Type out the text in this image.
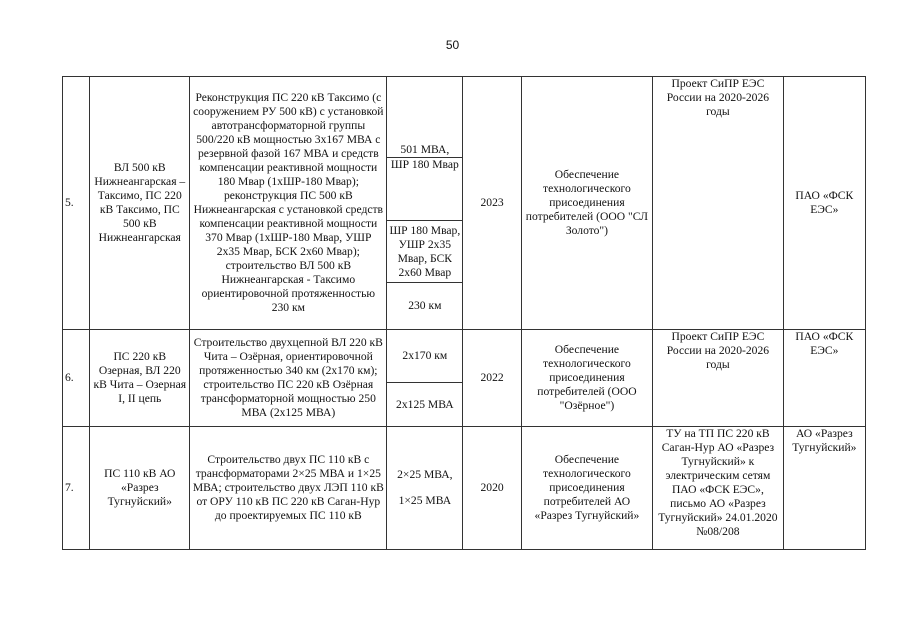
50
5.	ВЛ 500 кВ Нижнеангарская – Таксимо, ПС 220 кВ Таксимо, ПС 500 кВ Нижнеангарская	Реконструкция ПС 220 кВ Таксимо (с сооружением РУ 500 кВ) с установкой автотрансформаторной группы 500/220 кВ мощностью 3х167 МВА с резервной фазой 167 МВА и средств компенсации реактивной мощности 180 Мвар (1хШР-180 Мвар); реконструкция ПС 500 кВ Нижнеангарская с установкой средств компенсации реактивной мощности 370 Мвар (1хШР-180 Мвар, УШР 2х35 Мвар, БСК 2х60 Мвар); строительство ВЛ 500 кВ Нижнеангарская - Таксимо ориентировочной протяженностью 230 км	501 МВА,	2023	Обеспечение технологического присоединения потребителей (ООО "СЛ Золото")	Проект СиПР ЕЭС России на 2020-2026 годы	ПАО «ФСК ЕЭС»
			ШР 180 Мвар				
			ШР 180 Мвар, УШР 2х35 Мвар, БСК 2х60 Мвар				
			230 км				
6.	ПС 220 кВ Озерная, ВЛ 220 кВ Чита – Озерная I, II цепь	Строительство двухцепной ВЛ 220 кВ Чита – Озёрная, ориентировочной протяженностью 340 км (2х170 км); строительство ПС 220 кВ Озёрная трансформаторной мощностью 250 МВА (2х125 МВА)	2х170 км	2022	Обеспечение технологического присоединения потребителей (ООО "Озёрное")	Проект СиПР ЕЭС России на 2020-2026 годы	ПАО «ФСК ЕЭС»
			2х125 МВА				
7.	ПС 110 кВ АО «Разрез Тугнуйский»	Строительство двух ПС 110 кВ с трансформаторами 2×25 МВА и 1×25 МВА; строительство двух ЛЭП 110 кВ от ОРУ 110 кВ ПС 220 кВ Саган-Нур до проектируемых ПС 110 кВ	2×25 МВА,
1×25 МВА	2020	Обеспечение технологического присоединения потребителей АО «Разрез Тугнуйский»	ТУ на ТП ПС 220 кВ Саган-Нур АО «Разрез Тугнуйский» к электрическим сетям ПАО «ФСК ЕЭС», письмо АО «Разрез Тугнуйский» 24.01.2020 №08/208	АО «Разрез Тугнуйский»
